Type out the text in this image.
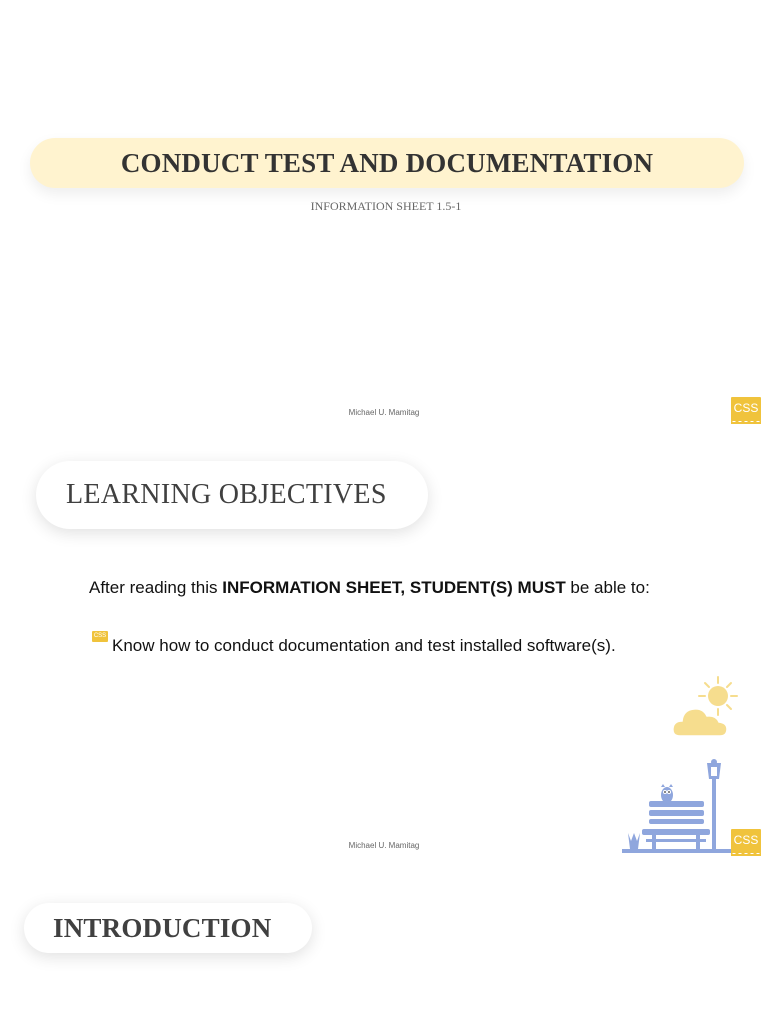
CONDUCT TEST AND DOCUMENTATION
INFORMATION SHEET 1.5-1
Michael U. Mamitag	CSS
LEARNING OBJECTIVES
After reading this INFORMATION SHEET, STUDENT(S) MUST be able to:
CSS Know how to conduct documentation and test installed software(s).
Michael U. Mamitag	CSS
INTRODUCTION
